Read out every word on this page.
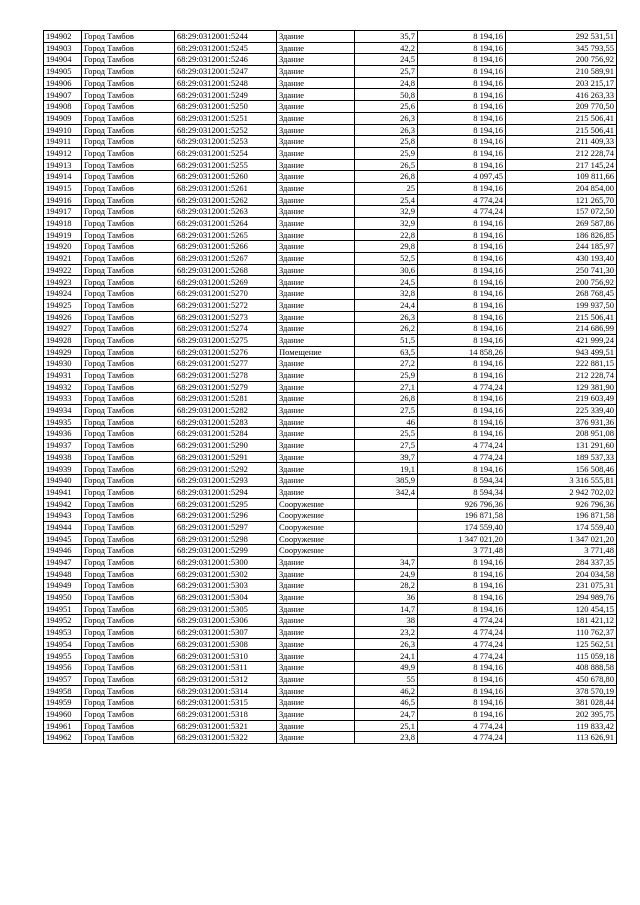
194902	Город Тамбов	68:29:0312001:5244	Здание	35,7	8 194,16	292 531,51
194903	Город Тамбов	68:29:0312001:5245	Здание	42,2	8 194,16	345 793,55
194904	Город Тамбов	68:29:0312001:5246	Здание	24,5	8 194,16	200 756,92
194905	Город Тамбов	68:29:0312001:5247	Здание	25,7	8 194,16	210 589,91
194906	Город Тамбов	68:29:0312001:5248	Здание	24,8	8 194,16	203 215,17
194907	Город Тамбов	68:29:0312001:5249	Здание	50,8	8 194,16	416 263,33
194908	Город Тамбов	68:29:0312001:5250	Здание	25,6	8 194,16	209 770,50
194909	Город Тамбов	68:29:0312001:5251	Здание	26,3	8 194,16	215 506,41
194910	Город Тамбов	68:29:0312001:5252	Здание	26,3	8 194,16	215 506,41
194911	Город Тамбов	68:29:0312001:5253	Здание	25,8	8 194,16	211 409,33
194912	Город Тамбов	68:29:0312001:5254	Здание	25,9	8 194,16	212 228,74
194913	Город Тамбов	68:29:0312001:5255	Здание	26,5	8 194,16	217 145,24
194914	Город Тамбов	68:29:0312001:5260	Здание	26,8	4 097,45	109 811,66
194915	Город Тамбов	68:29:0312001:5261	Здание	25	8 194,16	204 854,00
194916	Город Тамбов	68:29:0312001:5262	Здание	25,4	4 774,24	121 265,70
194917	Город Тамбов	68:29:0312001:5263	Здание	32,9	4 774,24	157 072,50
194918	Город Тамбов	68:29:0312001:5264	Здание	32,9	8 194,16	269 587,86
194919	Город Тамбов	68:29:0312001:5265	Здание	22,8	8 194,16	186 826,85
194920	Город Тамбов	68:29:0312001:5266	Здание	29,8	8 194,16	244 185,97
194921	Город Тамбов	68:29:0312001:5267	Здание	52,5	8 194,16	430 193,40
194922	Город Тамбов	68:29:0312001:5268	Здание	30,6	8 194,16	250 741,30
194923	Город Тамбов	68:29:0312001:5269	Здание	24,5	8 194,16	200 756,92
194924	Город Тамбов	68:29:0312001:5270	Здание	32,8	8 194,16	268 768,45
194925	Город Тамбов	68:29:0312001:5272	Здание	24,4	8 194,16	199 937,50
194926	Город Тамбов	68:29:0312001:5273	Здание	26,3	8 194,16	215 506,41
194927	Город Тамбов	68:29:0312001:5274	Здание	26,2	8 194,16	214 686,99
194928	Город Тамбов	68:29:0312001:5275	Здание	51,5	8 194,16	421 999,24
194929	Город Тамбов	68:29:0312001:5276	Помещение	63,5	14 858,26	943 499,51
194930	Город Тамбов	68:29:0312001:5277	Здание	27,2	8 194,16	222 881,15
194931	Город Тамбов	68:29:0312001:5278	Здание	25,9	8 194,16	212 228,74
194932	Город Тамбов	68:29:0312001:5279	Здание	27,1	4 774,24	129 381,90
194933	Город Тамбов	68:29:0312001:5281	Здание	26,8	8 194,16	219 603,49
194934	Город Тамбов	68:29:0312001:5282	Здание	27,5	8 194,16	225 339,40
194935	Город Тамбов	68:29:0312001:5283	Здание	46	8 194,16	376 931,36
194936	Город Тамбов	68:29:0312001:5284	Здание	25,5	8 194,16	208 951,08
194937	Город Тамбов	68:29:0312001:5290	Здание	27,5	4 774,24	131 291,60
194938	Город Тамбов	68:29:0312001:5291	Здание	39,7	4 774,24	189 537,33
194939	Город Тамбов	68:29:0312001:5292	Здание	19,1	8 194,16	156 508,46
194940	Город Тамбов	68:29:0312001:5293	Здание	385,9	8 594,34	3 316 555,81
194941	Город Тамбов	68:29:0312001:5294	Здание	342,4	8 594,34	2 942 702,02
194942	Город Тамбов	68:29:0312001:5295	Сооружение		926 796,36	926 796,36
194943	Город Тамбов	68:29:0312001:5296	Сооружение		196 871,58	196 871,58
194944	Город Тамбов	68:29:0312001:5297	Сооружение		174 559,40	174 559,40
194945	Город Тамбов	68:29:0312001:5298	Сооружение		1 347 021,20	1 347 021,20
194946	Город Тамбов	68:29:0312001:5299	Сооружение		3 771,48	3 771,48
194947	Город Тамбов	68:29:0312001:5300	Здание	34,7	8 194,16	284 337,35
194948	Город Тамбов	68:29:0312001:5302	Здание	24,9	8 194,16	204 034,58
194949	Город Тамбов	68:29:0312001:5303	Здание	28,2	8 194,16	231 075,31
194950	Город Тамбов	68:29:0312001:5304	Здание	36	8 194,16	294 989,76
194951	Город Тамбов	68:29:0312001:5305	Здание	14,7	8 194,16	120 454,15
194952	Город Тамбов	68:29:0312001:5306	Здание	38	4 774,24	181 421,12
194953	Город Тамбов	68:29:0312001:5307	Здание	23,2	4 774,24	110 762,37
194954	Город Тамбов	68:29:0312001:5308	Здание	26,3	4 774,24	125 562,51
194955	Город Тамбов	68:29:0312001:5310	Здание	24,1	4 774,24	115 059,18
194956	Город Тамбов	68:29:0312001:5311	Здание	49,9	8 194,16	408 888,58
194957	Город Тамбов	68:29:0312001:5312	Здание	55	8 194,16	450 678,80
194958	Город Тамбов	68:29:0312001:5314	Здание	46,2	8 194,16	378 570,19
194959	Город Тамбов	68:29:0312001:5315	Здание	46,5	8 194,16	381 028,44
194960	Город Тамбов	68:29:0312001:5318	Здание	24,7	8 194,16	202 395,75
194961	Город Тамбов	68:29:0312001:5321	Здание	25,1	4 774,24	119 833,42
194962	Город Тамбов	68:29:0312001:5322	Здание	23,8	4 774,24	113 626,91
